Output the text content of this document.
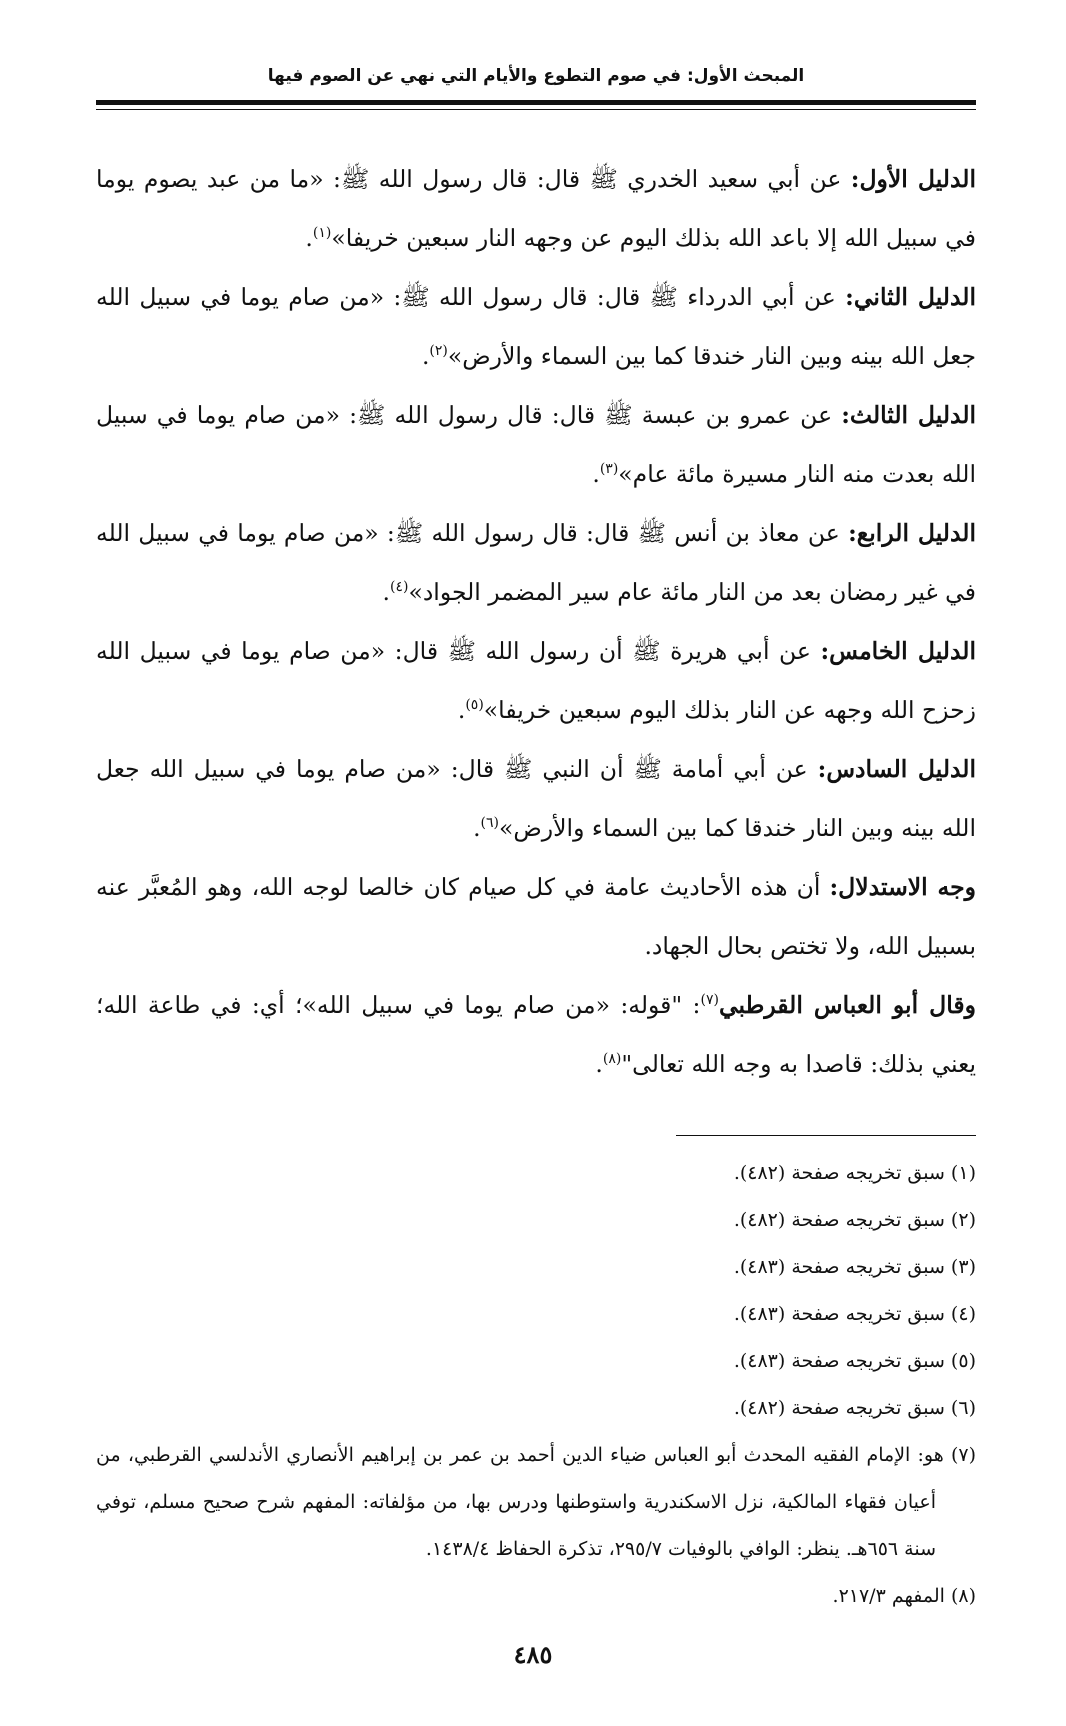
المبحث الأول: في صوم التطوع والأيام التي نهي عن الصوم فيها

الدليل الأول: عن أبي سعيد الخدري ﷺ قال: قال رسول الله ﷺ: «ما من عبد يصوم يوما في سبيل الله إلا باعد الله بذلك اليوم عن وجهه النار سبعين خريفا»$^{(١)}$.

الدليل الثاني: عن أبي الدرداء ﷺ قال: قال رسول الله ﷺ: «من صام يوما في سبيل الله جعل الله بينه وبين النار خندقا كما بين السماء والأرض»$^{(٢)}$.

الدليل الثالث: عن عمرو بن عبسة ﷺ قال: قال رسول الله ﷺ: «من صام يوما في سبيل الله بعدت منه النار مسيرة مائة عام»$^{(٣)}$.

الدليل الرابع: عن معاذ بن أنس ﷺ قال: قال رسول الله ﷺ: «من صام يوما في سبيل الله في غير رمضان بعد من النار مائة عام سير المضمر الجواد»$^{(٤)}$.

الدليل الخامس: عن أبي هريرة ﷺ أن رسول الله ﷺ قال: «من صام يوما في سبيل الله زحزح الله وجهه عن النار بذلك اليوم سبعين خريفا»$^{(٥)}$.

الدليل السادس: عن أبي أمامة ﷺ أن النبي ﷺ قال: «من صام يوما في سبيل الله جعل الله بينه وبين النار خندقا كما بين السماء والأرض»$^{(٦)}$.

وجه الاستدلال: أن هذه الأحاديث عامة في كل صيام كان خالصا لوجه الله، وهو المُعبَّر عنه بسبيل الله، ولا تختص بحال الجهاد.

وقال أبو العباس القرطبي$^{(٧)}$: "قوله: «من صام يوما في سبيل الله»؛ أي: في طاعة الله؛ يعني بذلك: قاصدا به وجه الله تعالى"$^{(٨)}$.

(١) سبق تخريجه صفحة (٤٨٢).

(٢) سبق تخريجه صفحة (٤٨٢).

(٣) سبق تخريجه صفحة (٤٨٣).

(٤) سبق تخريجه صفحة (٤٨٣).

(٥) سبق تخريجه صفحة (٤٨٣).

(٦) سبق تخريجه صفحة (٤٨٢).

(٧) هو: الإمام الفقيه المحدث أبو العباس ضياء الدين أحمد بن عمر بن إبراهيم الأنصاري الأندلسي القرطبي، من أعيان فقهاء المالكية، نزل الاسكندرية واستوطنها ودرس بها، من مؤلفاته: المفهم شرح صحيح مسلم، توفي سنة ٦٥٦هـ. ينظر: الوافي بالوفيات ٢٩٥/٧، تذكرة الحفاظ ١٤٣٨/٤.

(٨) المفهم ٢١٧/٣.

٤٨٥
